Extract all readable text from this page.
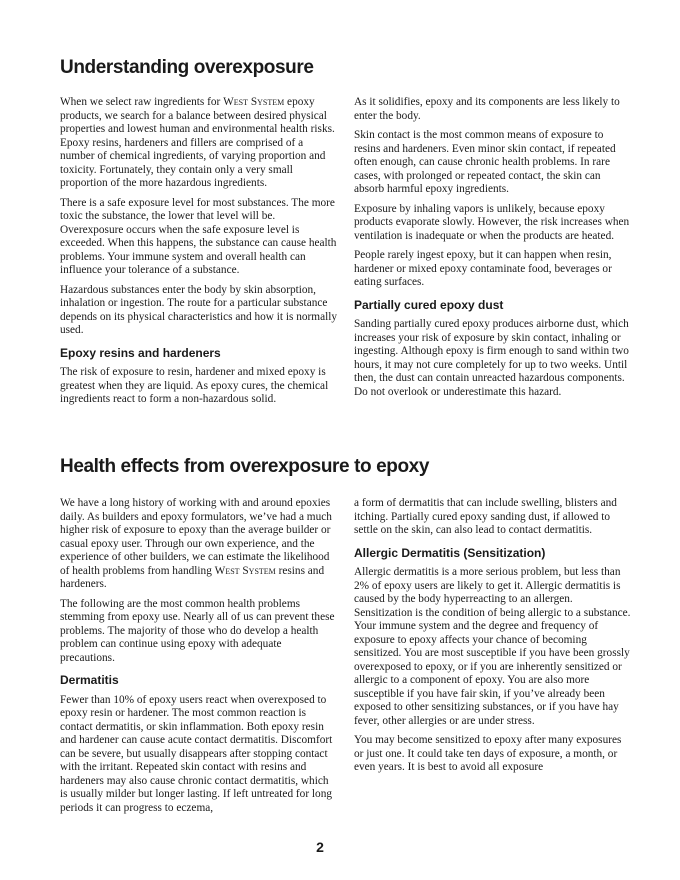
Understanding overexposure

When we select raw ingredients for West System epoxy products, we search for a balance between desired physical properties and lowest human and environmental health risks. Epoxy resins, hardeners and fillers are comprised of a number of chemical ingredients, of varying proportion and toxicity. Fortunately, they contain only a very small proportion of the more hazardous ingredients.

There is a safe exposure level for most substances. The more toxic the substance, the lower that level will be. Overexposure occurs when the safe exposure level is exceeded. When this happens, the substance can cause health problems. Your immune system and overall health can influence your tolerance of a substance.

Hazardous substances enter the body by skin absorption, inhalation or ingestion. The route for a particular substance depends on its physical characteristics and how it is normally used.

Epoxy resins and hardeners

The risk of exposure to resin, hardener and mixed epoxy is greatest when they are liquid. As epoxy cures, the chemical ingredients react to form a non-hazardous solid.

As it solidifies, epoxy and its components are less likely to enter the body.

Skin contact is the most common means of exposure to resins and hardeners. Even minor skin contact, if repeated often enough, can cause chronic health problems. In rare cases, with prolonged or repeated contact, the skin can absorb harmful epoxy ingredients.

Exposure by inhaling vapors is unlikely, because epoxy products evaporate slowly. However, the risk increases when ventilation is inadequate or when the products are heated.

People rarely ingest epoxy, but it can happen when resin, hardener or mixed epoxy contaminate food, beverages or eating surfaces.

Partially cured epoxy dust

Sanding partially cured epoxy produces airborne dust, which increases your risk of exposure by skin contact, inhaling or ingesting. Although epoxy is firm enough to sand within two hours, it may not cure completely for up to two weeks. Until then, the dust can contain unreacted hazardous components. Do not overlook or underestimate this hazard.

Health effects from overexposure to epoxy

We have a long history of working with and around epoxies daily. As builders and epoxy formulators, we’ve had a much higher risk of exposure to epoxy than the average builder or casual epoxy user. Through our own experience, and the experience of other builders, we can estimate the likelihood of health problems from handling West System resins and hardeners.

The following are the most common health problems stemming from epoxy use. Nearly all of us can prevent these problems. The majority of those who do develop a health problem can continue using epoxy with adequate precautions.

Dermatitis

Fewer than 10% of epoxy users react when overexposed to epoxy resin or hardener. The most common reaction is contact dermatitis, or skin inflammation. Both epoxy resin and hardener can cause acute contact dermatitis. Discomfort can be severe, but usually disappears after stopping contact with the irritant. Repeated skin contact with resins and hardeners may also cause chronic contact dermatitis, which is usually milder but longer lasting. If left untreated for long periods it can progress to eczema,

a form of dermatitis that can include swelling, blisters and itching. Partially cured epoxy sanding dust, if allowed to settle on the skin, can also lead to contact dermatitis.

Allergic Dermatitis (Sensitization)

Allergic dermatitis is a more serious problem, but less than 2% of epoxy users are likely to get it. Allergic dermatitis is caused by the body hyperreacting to an allergen. Sensitization is the condition of being allergic to a substance. Your immune system and the degree and frequency of exposure to epoxy affects your chance of becoming sensitized. You are most susceptible if you have been grossly overexposed to epoxy, or if you are inherently sensitized or allergic to a component of epoxy. You are also more susceptible if you have fair skin, if you’ve already been exposed to other sensitizing substances, or if you have hay fever, other allergies or are under stress.

You may become sensitized to epoxy after many exposures or just one. It could take ten days of exposure, a month, or even years. It is best to avoid all exposure

2
